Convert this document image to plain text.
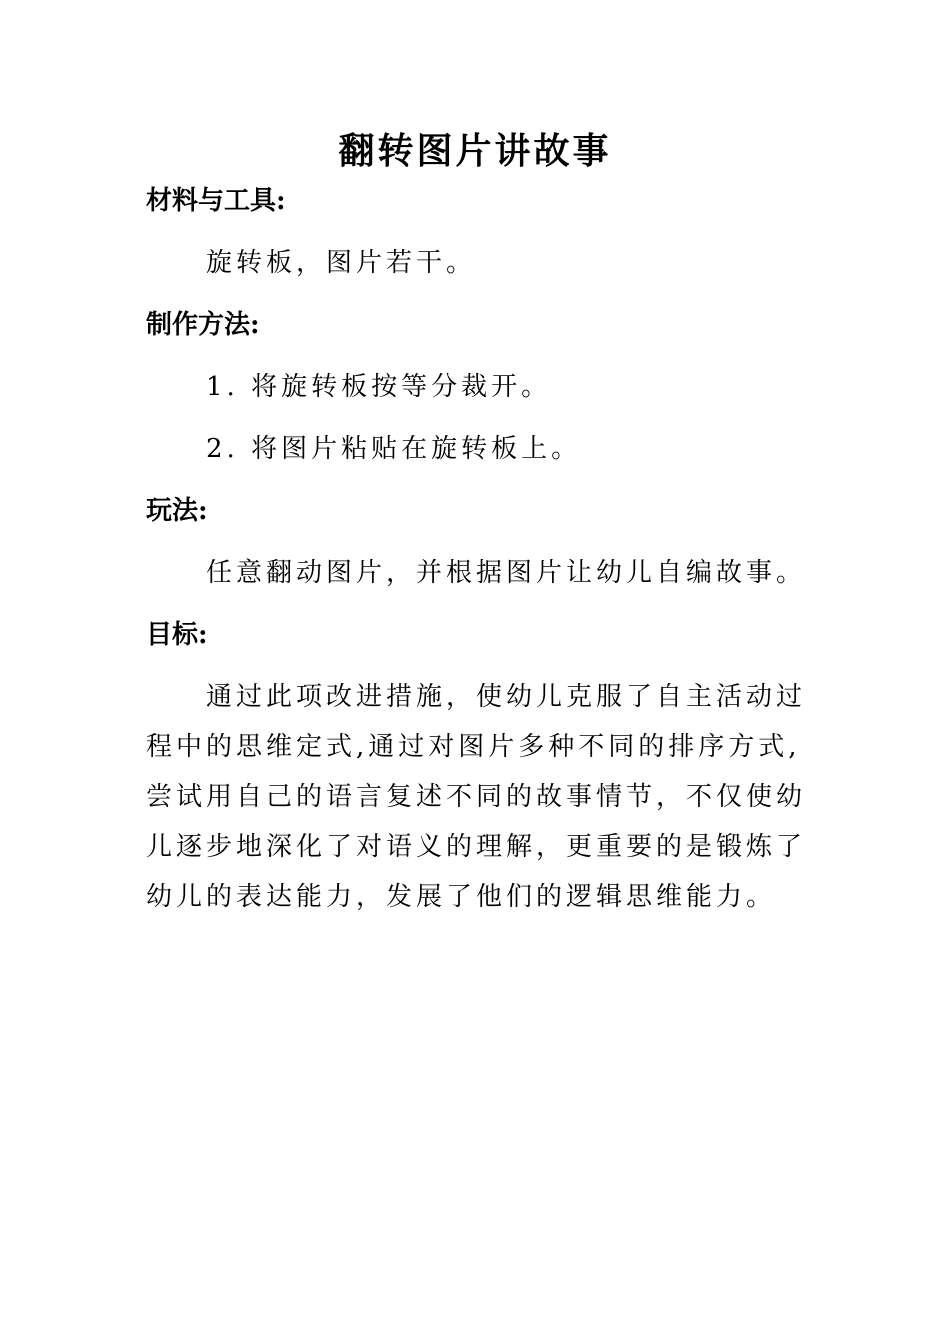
翻转图片讲故事
材料与工具:

旋转板，图片若干。

制作方法:

1. 将旋转板按等分裁开。

2. 将图片粘贴在旋转板上。

玩法:

任意翻动图片，并根据图片让幼儿自编故事。

目标:
通过此项改进措施，使幼儿克服了自主活动过
程中的思维定式,通过对图片多种不同的排序方式,
尝试用自己的语言复述不同的故事情节，不仅使幼
儿逐步地深化了对语义的理解，更重要的是锻炼了
幼儿的表达能力，发展了他们的逻辑思维能力。
